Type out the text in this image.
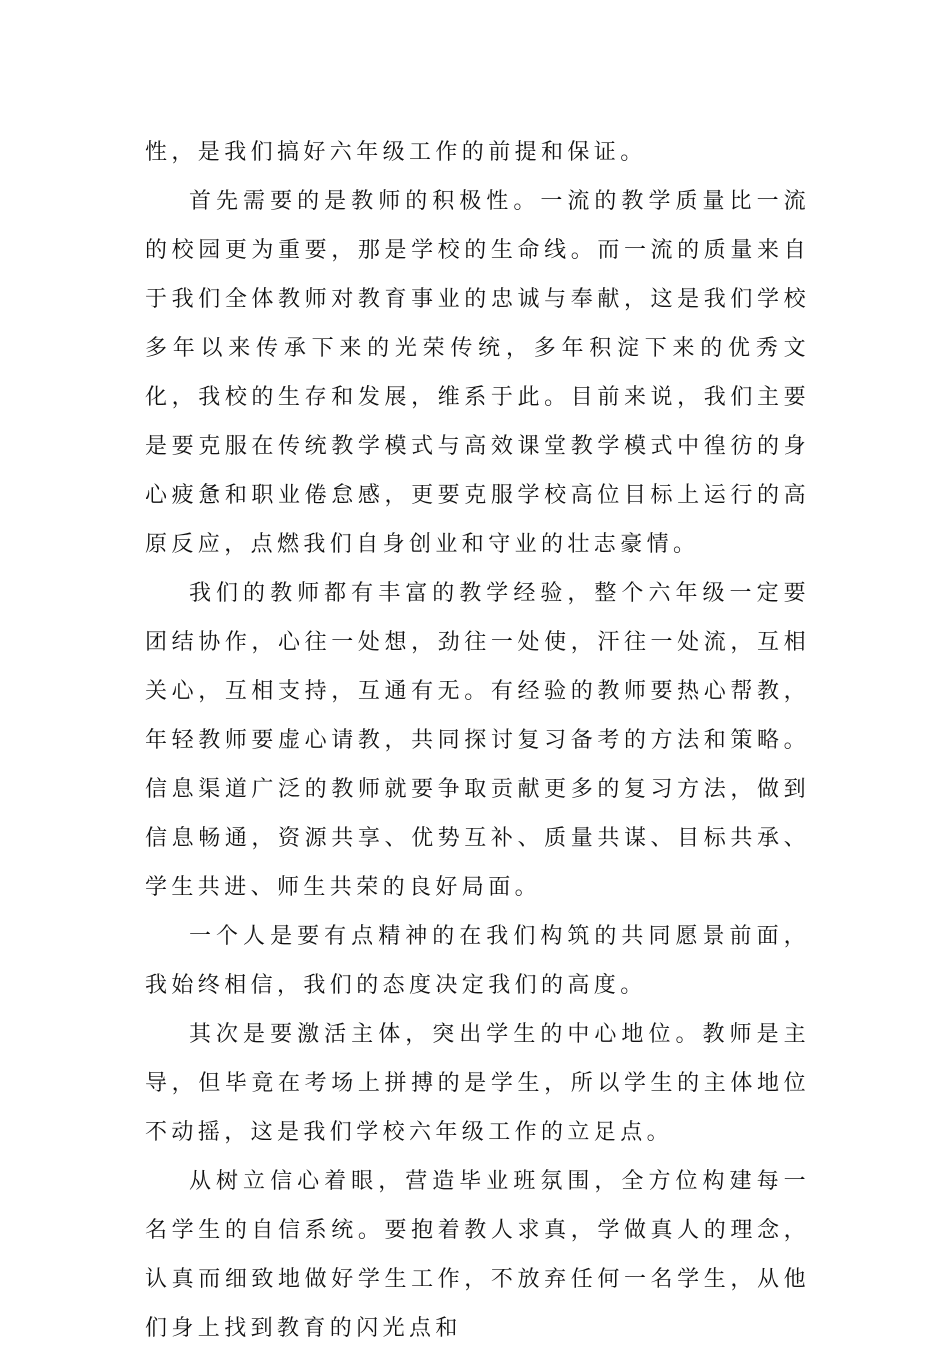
性，是我们搞好六年级工作的前提和保证。

首先需要的是教师的积极性。一流的教学质量比一流的校园更为重要，那是学校的生命线。而一流的质量来自于我们全体教师对教育事业的忠诚与奉献，这是我们学校多年以来传承下来的光荣传统，多年积淀下来的优秀文化，我校的生存和发展，维系于此。目前来说，我们主要是要克服在传统教学模式与高效课堂教学模式中徨彷的身心疲惫和职业倦怠感，更要克服学校高位目标上运行的高原反应，点燃我们自身创业和守业的壮志豪情。

我们的教师都有丰富的教学经验，整个六年级一定要团结协作，心往一处想，劲往一处使，汗往一处流，互相关心，互相支持，互通有无。有经验的教师要热心帮教，年轻教师要虚心请教，共同探讨复习备考的方法和策略。信息渠道广泛的教师就要争取贡献更多的复习方法，做到信息畅通，资源共享、优势互补、质量共谋、目标共承、学生共进、师生共荣的良好局面。

一个人是要有点精神的在我们构筑的共同愿景前面，我始终相信，我们的态度决定我们的高度。

其次是要激活主体，突出学生的中心地位。教师是主导，但毕竟在考场上拼搏的是学生，所以学生的主体地位不动摇，这是我们学校六年级工作的立足点。

从树立信心着眼，营造毕业班氛围，全方位构建每一名学生的自信系统。要抱着教人求真，学做真人的理念，认真而细致地做好学生工作，不放弃任何一名学生，从他们身上找到教育的闪光点和
